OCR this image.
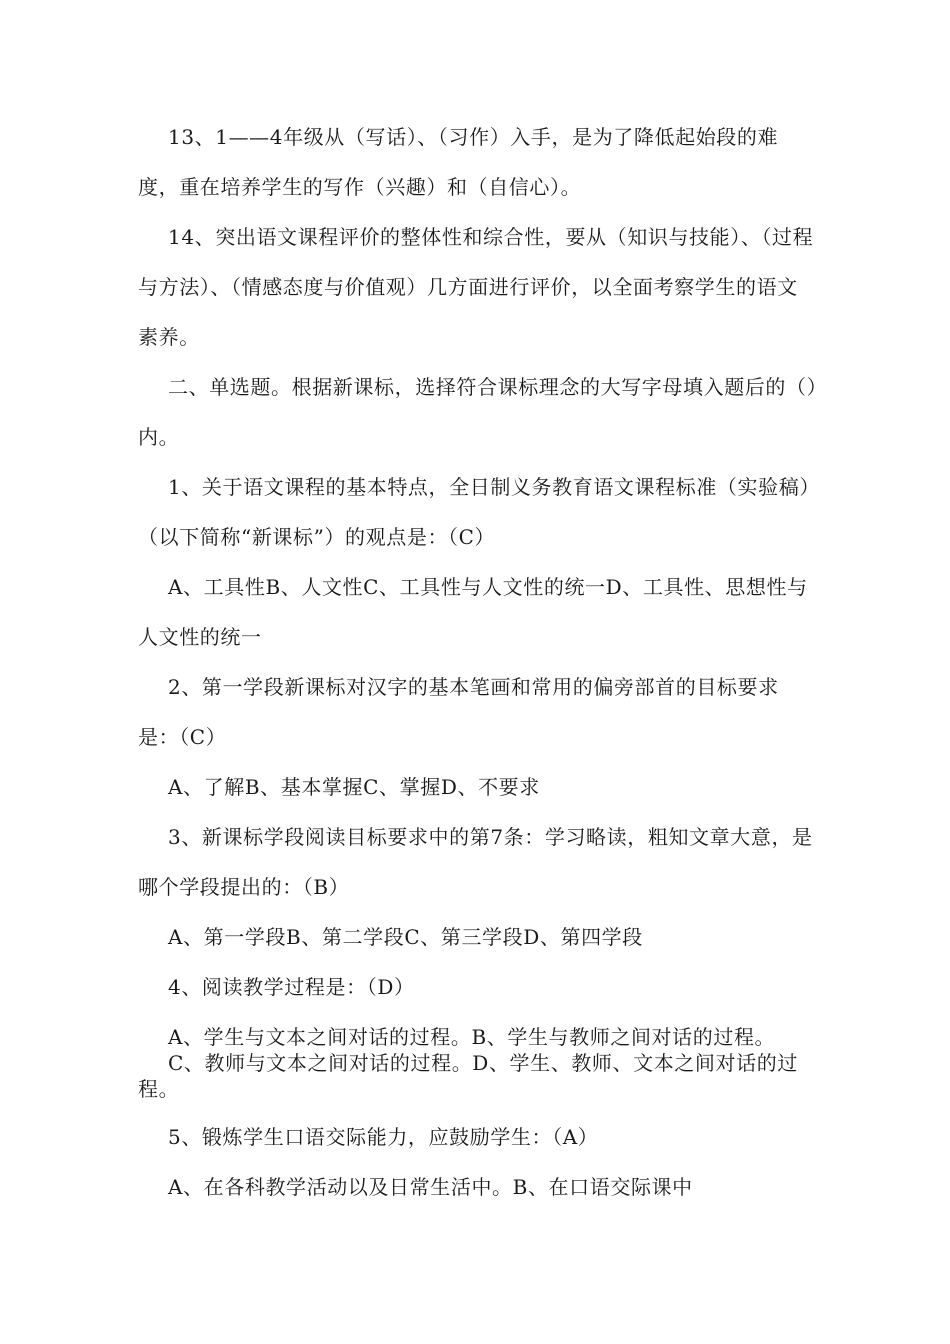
13、1——4年级从（写话）、（习作）入手，是为了降低起始段的难度，重在培养学生的写作（兴趣）和（自信心）。

14、突出语文课程评价的整体性和综合性，要从（知识与技能）、（过程与方法）、（情感态度与价值观）几方面进行评价，以全面考察学生的语文素养。

二、单选题。根据新课标，选择符合课标理念的大写字母填入题后的（）内。

1、关于语文课程的基本特点，全日制义务教育语文课程标准（实验稿）（以下简称“新课标”）的观点是：（C）

A、工具性B、人文性C、工具性与人文性的统一D、工具性、思想性与人文性的统一

2、第一学段新课标对汉字的基本笔画和常用的偏旁部首的目标要求是：（C）

A、了解B、基本掌握C、掌握D、不要求

3、新课标学段阅读目标要求中的第7条：学习略读，粗知文章大意，是哪个学段提出的：（B）

A、第一学段B、第二学段C、第三学段D、第四学段

4、阅读教学过程是：（D）

A、学生与文本之间对话的过程。B、学生与教师之间对话的过程。
C、教师与文本之间对话的过程。D、学生、教师、文本之间对话的过
程。

5、锻炼学生口语交际能力，应鼓励学生：（A）

A、在各科教学活动以及日常生活中。B、在口语交际课中
